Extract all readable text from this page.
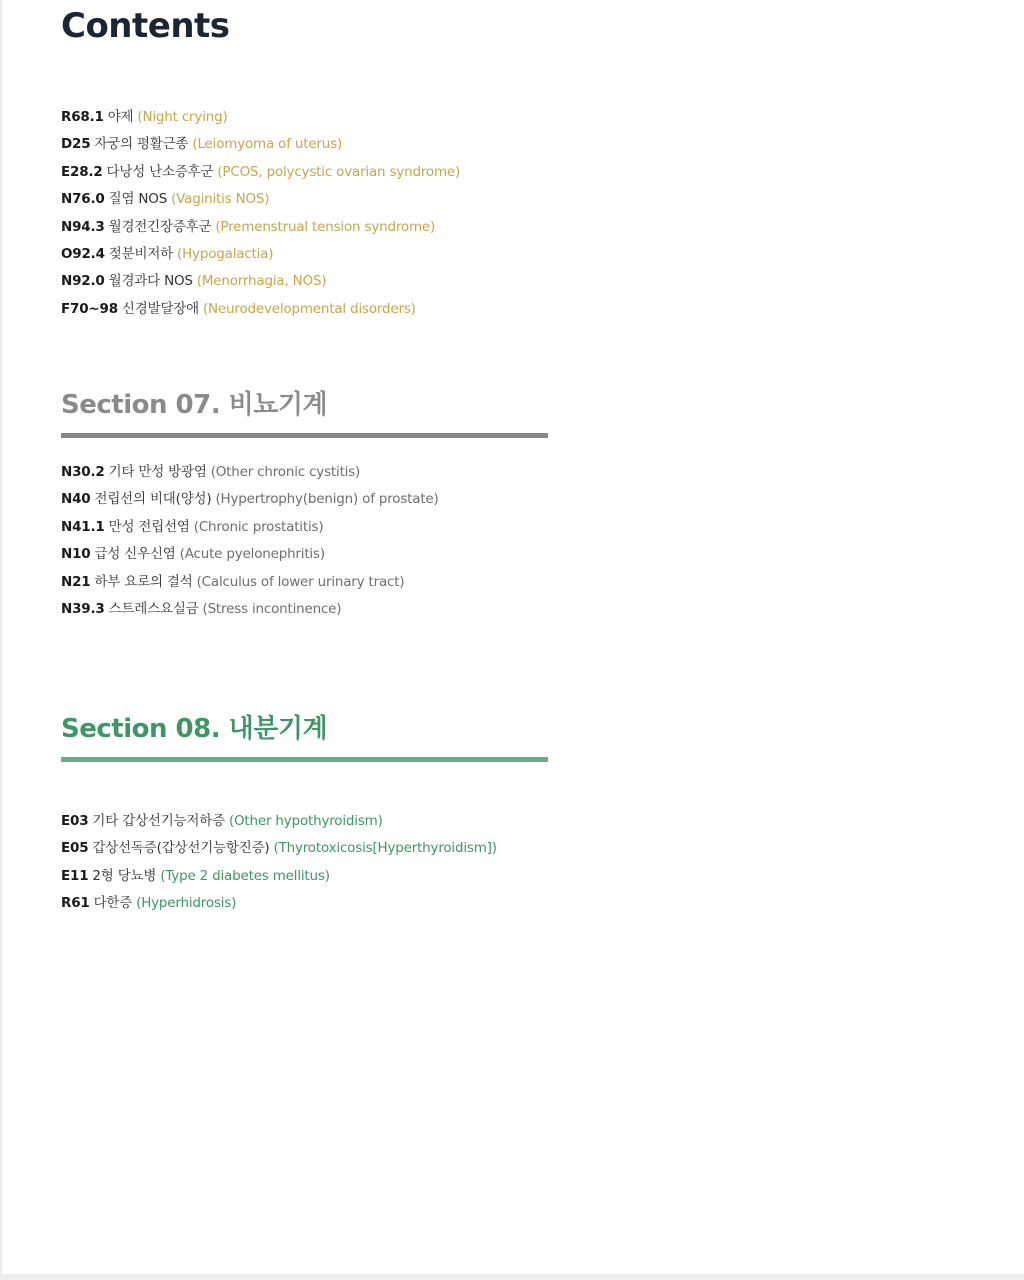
Contents
R68.1 야제 (Night crying)
D25 자궁의 평활근종 (Leiomyoma of uterus)
E28.2 다낭성 난소증후군 (PCOS, polycystic ovarian syndrome)
N76.0 질염 NOS (Vaginitis NOS)
N94.3 월경전긴장증후군 (Premenstrual tension syndrome)
O92.4 젖분비저하 (Hypogalactia)
N92.0 월경과다 NOS (Menorrhagia, NOS)
F70~98 신경발달장애 (Neurodevelopmental disorders)
Section 07. 비뇨기계
N30.2 기타 만성 방광염 (Other chronic cystitis)
N40 전립선의 비대(양성) (Hypertrophy(benign) of prostate)
N41.1 만성 전립선염 (Chronic prostatitis)
N10 급성 신우신염 (Acute pyelonephritis)
N21 하부 요로의 결석 (Calculus of lower urinary tract)
N39.3 스트레스요실금 (Stress incontinence)
Section 08. 내분기계
E03 기타 갑상선기능저하증 (Other hypothyroidism)
E05 갑상선독증(갑상선기능항진증) (Thyrotoxicosis[Hyperthyroidism])
E11 2형 당뇨병 (Type 2 diabetes mellitus)
R61 다한증 (Hyperhidrosis)
